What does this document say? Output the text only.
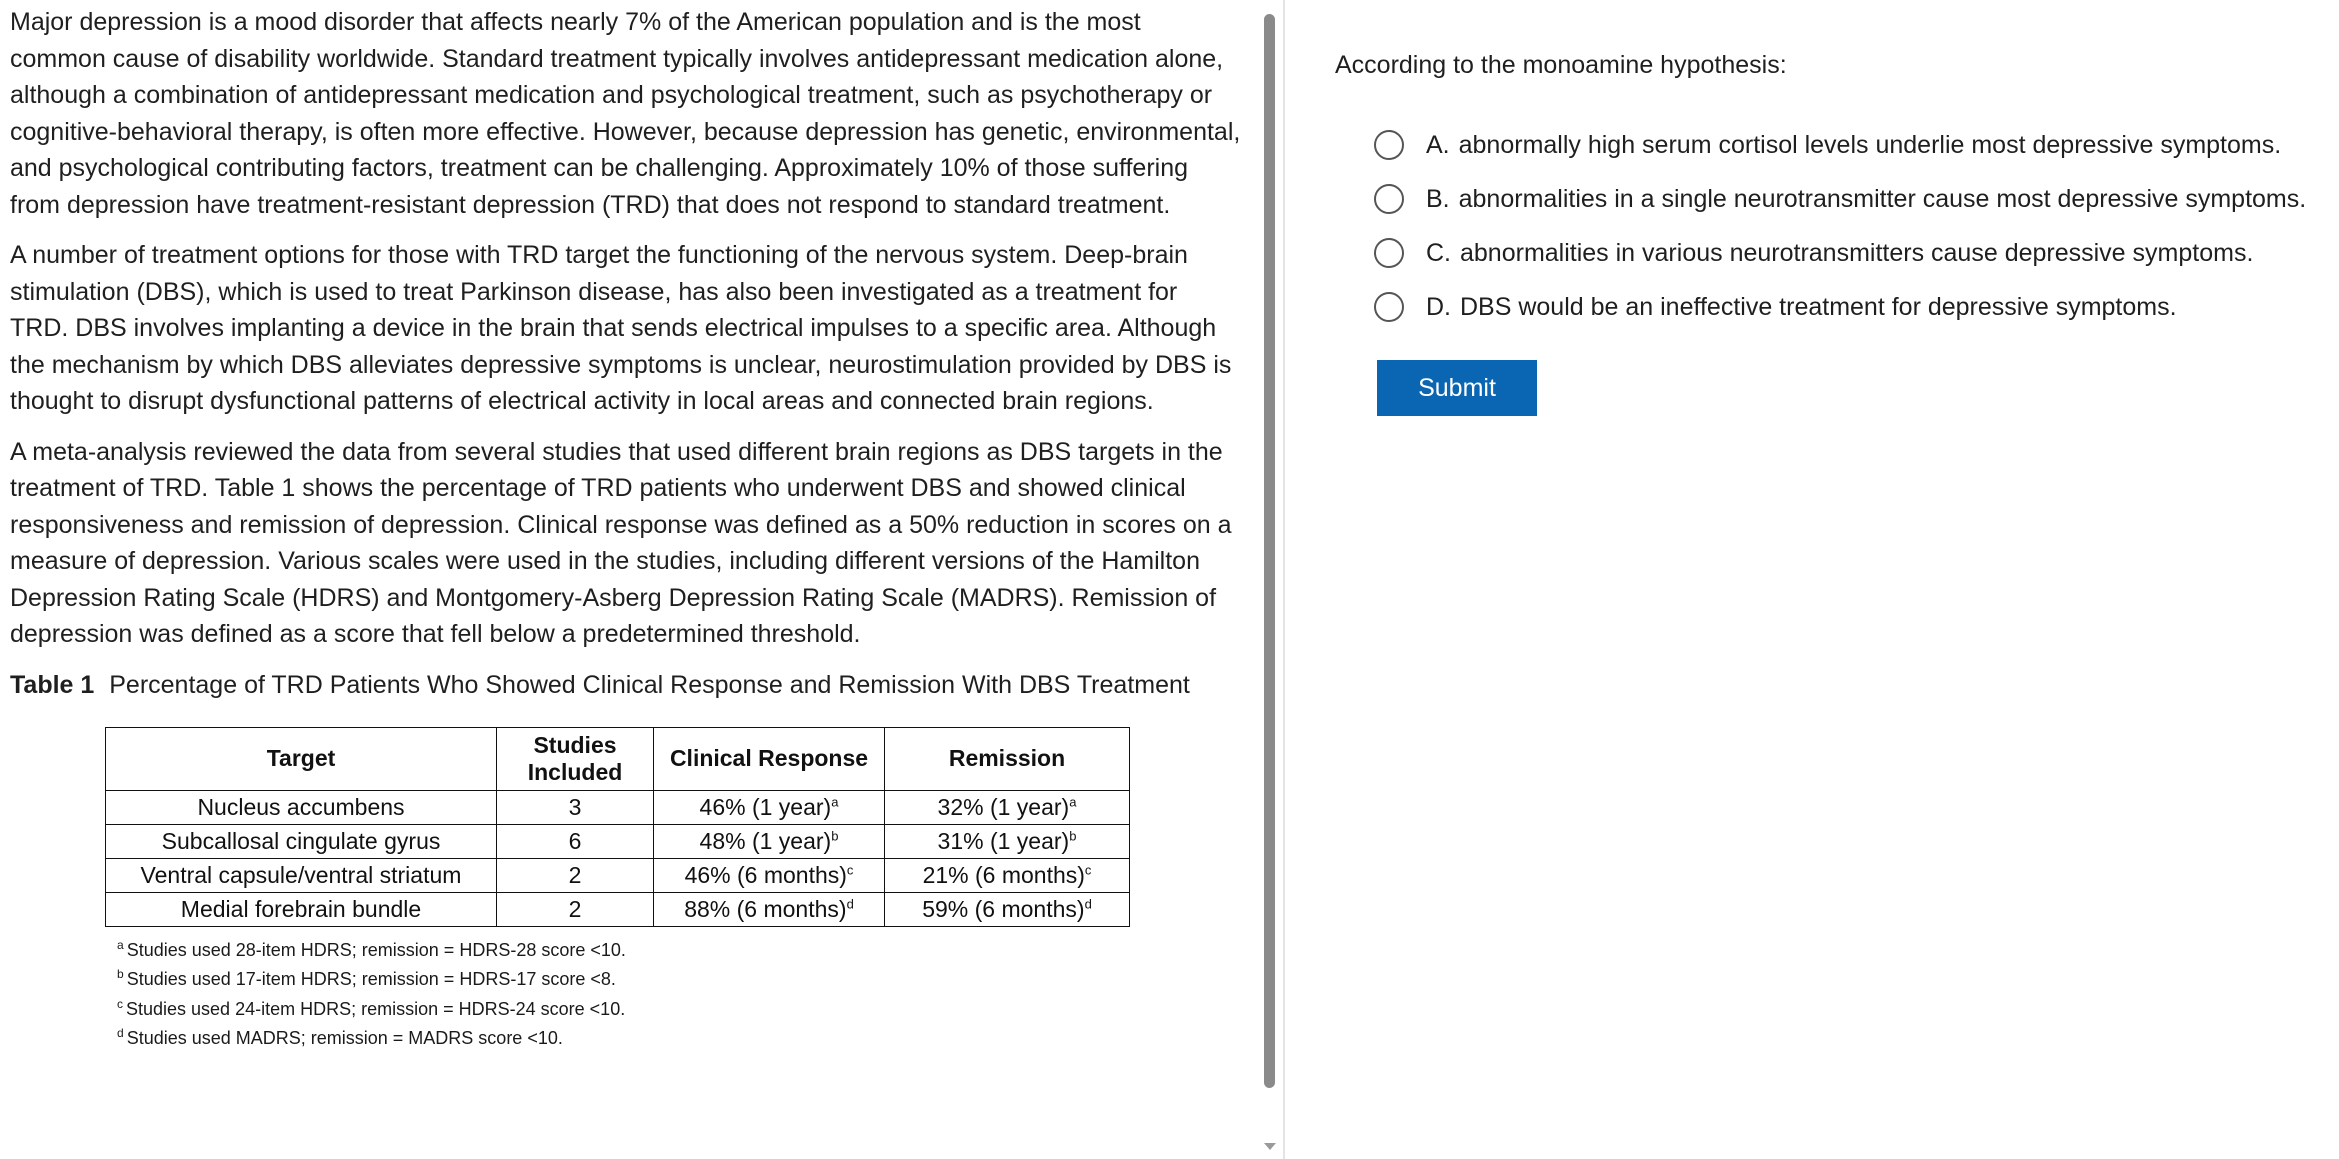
Major depression is a mood disorder that affects nearly 7% of the American population and is the most common cause of disability worldwide. Standard treatment typically involves antidepressant medication alone, although a combination of antidepressant medication and psychological treatment, such as psychotherapy or cognitive-behavioral therapy, is often more effective. However, because depression has genetic, environmental, and psychological contributing factors, treatment can be challenging. Approximately 10% of those suffering from depression have treatment-resistant depression (TRD) that does not respond to standard treatment.

A number of treatment options for those with TRD target the functioning of the nervous system. Deep-brain stimulation (DBS), which is used to treat Parkinson disease, has also been investigated as a treatment for TRD. DBS involves implanting a device in the brain that sends electrical impulses to a specific area. Although the mechanism by which DBS alleviates depressive symptoms is unclear, neurostimulation provided by DBS is thought to disrupt dysfunctional patterns of electrical activity in local areas and connected brain regions.

A meta-analysis reviewed the data from several studies that used different brain regions as DBS targets in the treatment of TRD. Table 1 shows the percentage of TRD patients who underwent DBS and showed clinical responsiveness and remission of depression. Clinical response was defined as a 50% reduction in scores on a measure of depression. Various scales were used in the studies, including different versions of the Hamilton Depression Rating Scale (HDRS) and Montgomery-Asberg Depression Rating Scale (MADRS). Remission of depression was defined as a score that fell below a predetermined threshold.

Table 1 Percentage of TRD Patients Who Showed Clinical Response and Remission With DBS Treatment
Target	Studies Included	Clinical Response	Remission
Nucleus accumbens	3	46% (1 year)$^a$	32% (1 year)$^a$
Subcallosal cingulate gyrus	6	48% (1 year)$^b$	31% (1 year)$^b$
Ventral capsule/ventral striatum	2	46% (6 months)$^c$	21% (6 months)$^c$
Medial forebrain bundle	2	88% (6 months)$^d$	59% (6 months)$^d$
$^a$ Studies used 28-item HDRS; remission = HDRS-28 score <10.
$^b$ Studies used 17-item HDRS; remission = HDRS-17 score <8.
$^c$ Studies used 24-item HDRS; remission = HDRS-24 score <10.
$^d$ Studies used MADRS; remission = MADRS score <10.
According to the monoamine hypothesis:
A. abnormally high serum cortisol levels underlie most depressive symptoms.
B. abnormalities in a single neurotransmitter cause most depressive symptoms.
C. abnormalities in various neurotransmitters cause depressive symptoms.
D. DBS would be an ineffective treatment for depressive symptoms.
Submit
